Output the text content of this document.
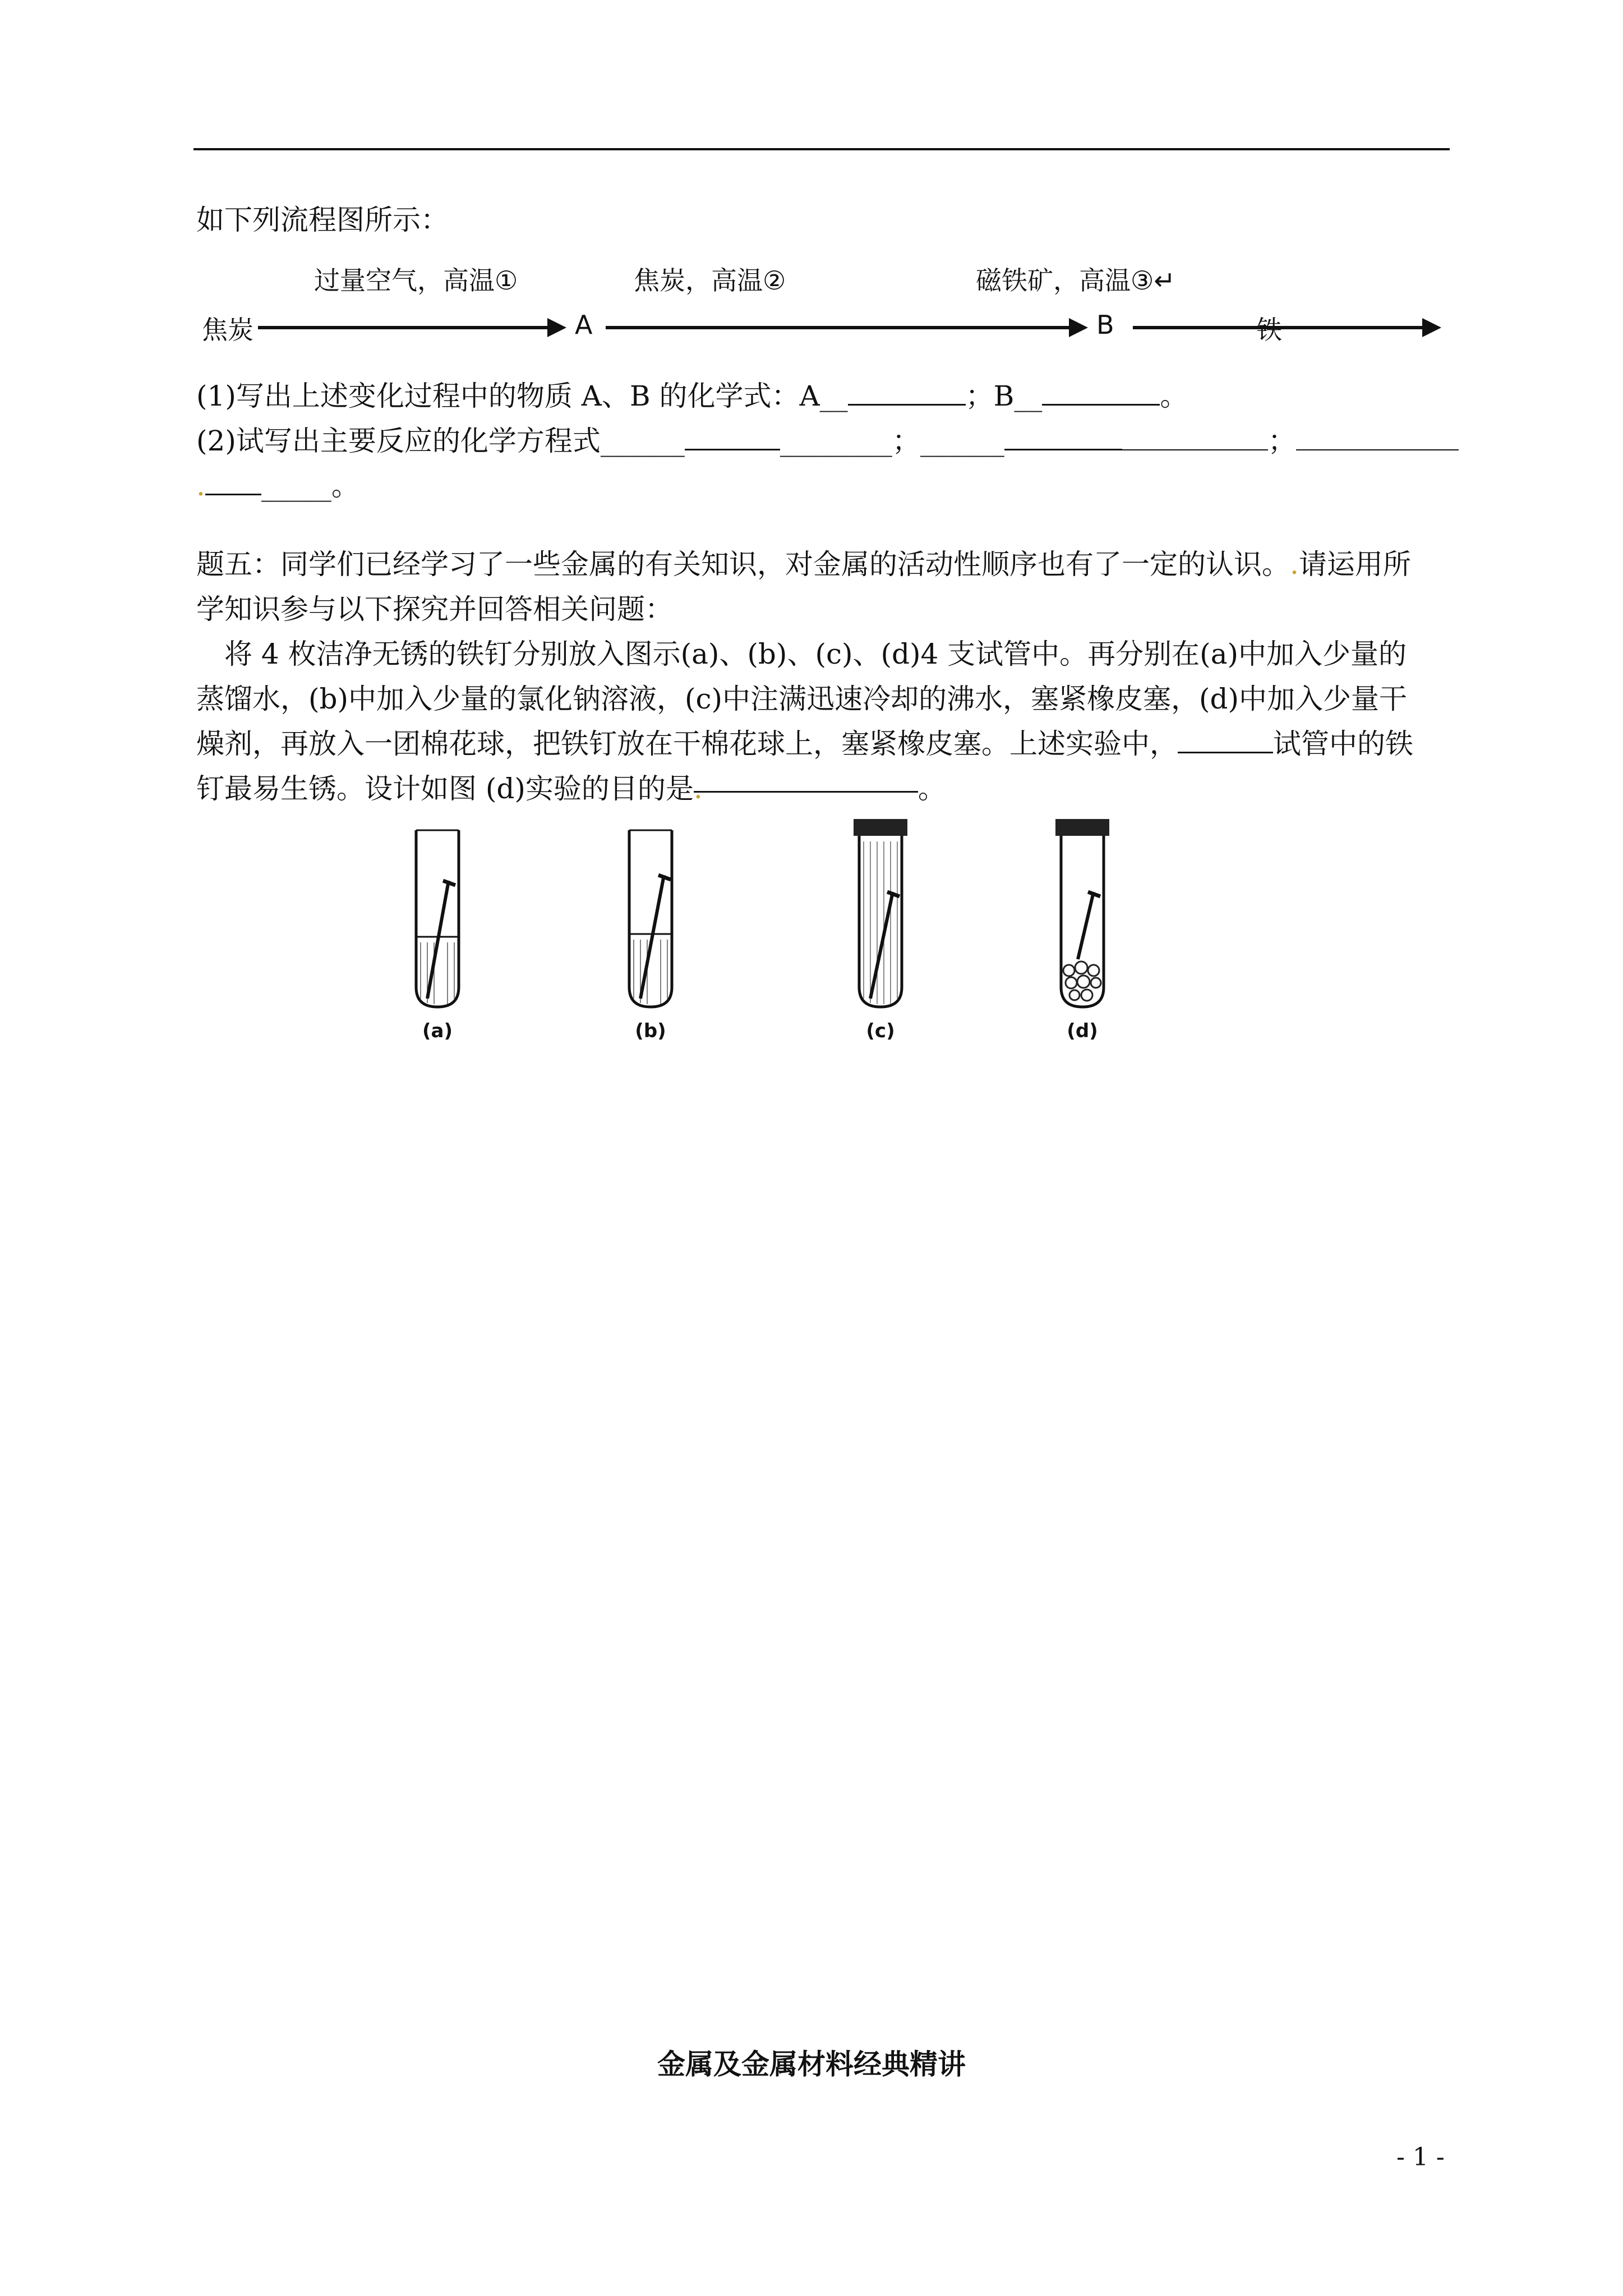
如下列流程图所示：
过量空气，高温①	焦炭，高温②	磁铁矿，高温③↵
焦炭	A	B	铁
(1)写出上述变化过程中的物质 A、B 的化学式：A__	；B__	。
(2)试写出主要反应的化学方程式______	________；______	；
. _____。
题五：同学们已经学习了一些金属的有关知识，对金属的活动性顺序也有了一定的认识。.请运用所
学知识参与以下探究并回答相关问题：
将 4 枚洁净无锈的铁钉分别放入图示(a)、(b)、(c)、(d)4 支试管中。再分别在(a)中加入少量的
蒸馏水，(b)中加入少量的氯化钠溶液，(c)中注满迅速冷却的沸水，塞紧橡皮塞，(d)中加入少量干
燥剂，再放入一团棉花球，把铁钉放在干棉花球上，塞紧橡皮塞。上述实验中，	试管中的铁
钉最易生锈。设计如图 (d)实验的目的是.	。
(a)	(b)	(c)	(d)
金属及金属材料经典精讲
- 1 -
